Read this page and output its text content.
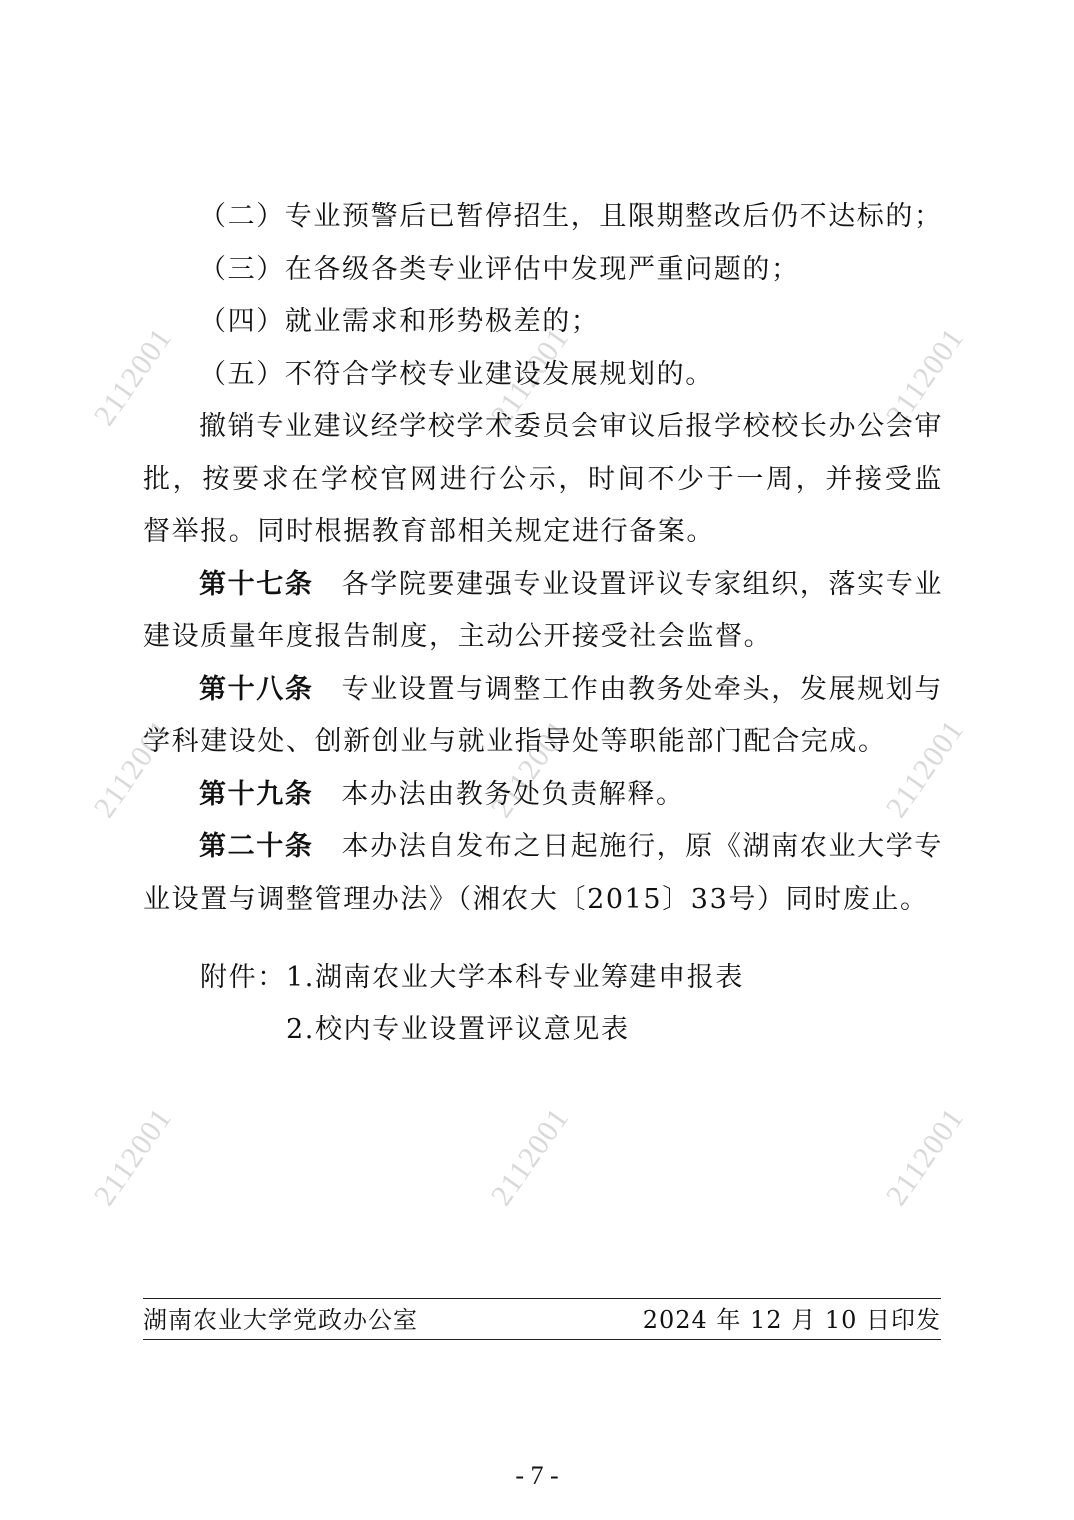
2112001	2112001	2112001
2112001	2112001	2112001
2112001	2112001	2112001

（二）专业预警后已暂停招生，且限期整改后仍不达标的；

（三）在各级各类专业评估中发现严重问题的；

（四）就业需求和形势极差的；

（五）不符合学校专业建设发展规划的。

撤销专业建议经学校学术委员会审议后报学校校长办公会审批，按要求在学校官网进行公示，时间不少于一周，并接受监督举报。同时根据教育部相关规定进行备案。

第十七条 各学院要建强专业设置评议专家组织，落实专业建设质量年度报告制度，主动公开接受社会监督。

第十八条 专业设置与调整工作由教务处牵头，发展规划与学科建设处、创新创业与就业指导处等职能部门配合完成。

第十九条 本办法由教务处负责解释。

第二十条 本办法自发布之日起施行，原《湖南农业大学专业设置与调整管理办法》（湘农大〔2015〕33号）同时废止。

附件：1.湖南农业大学本科专业筹建申报表
2.校内专业设置评议意见表
湖南农业大学党政办公室	2024 年 12 月 10 日印发
- 7 -
